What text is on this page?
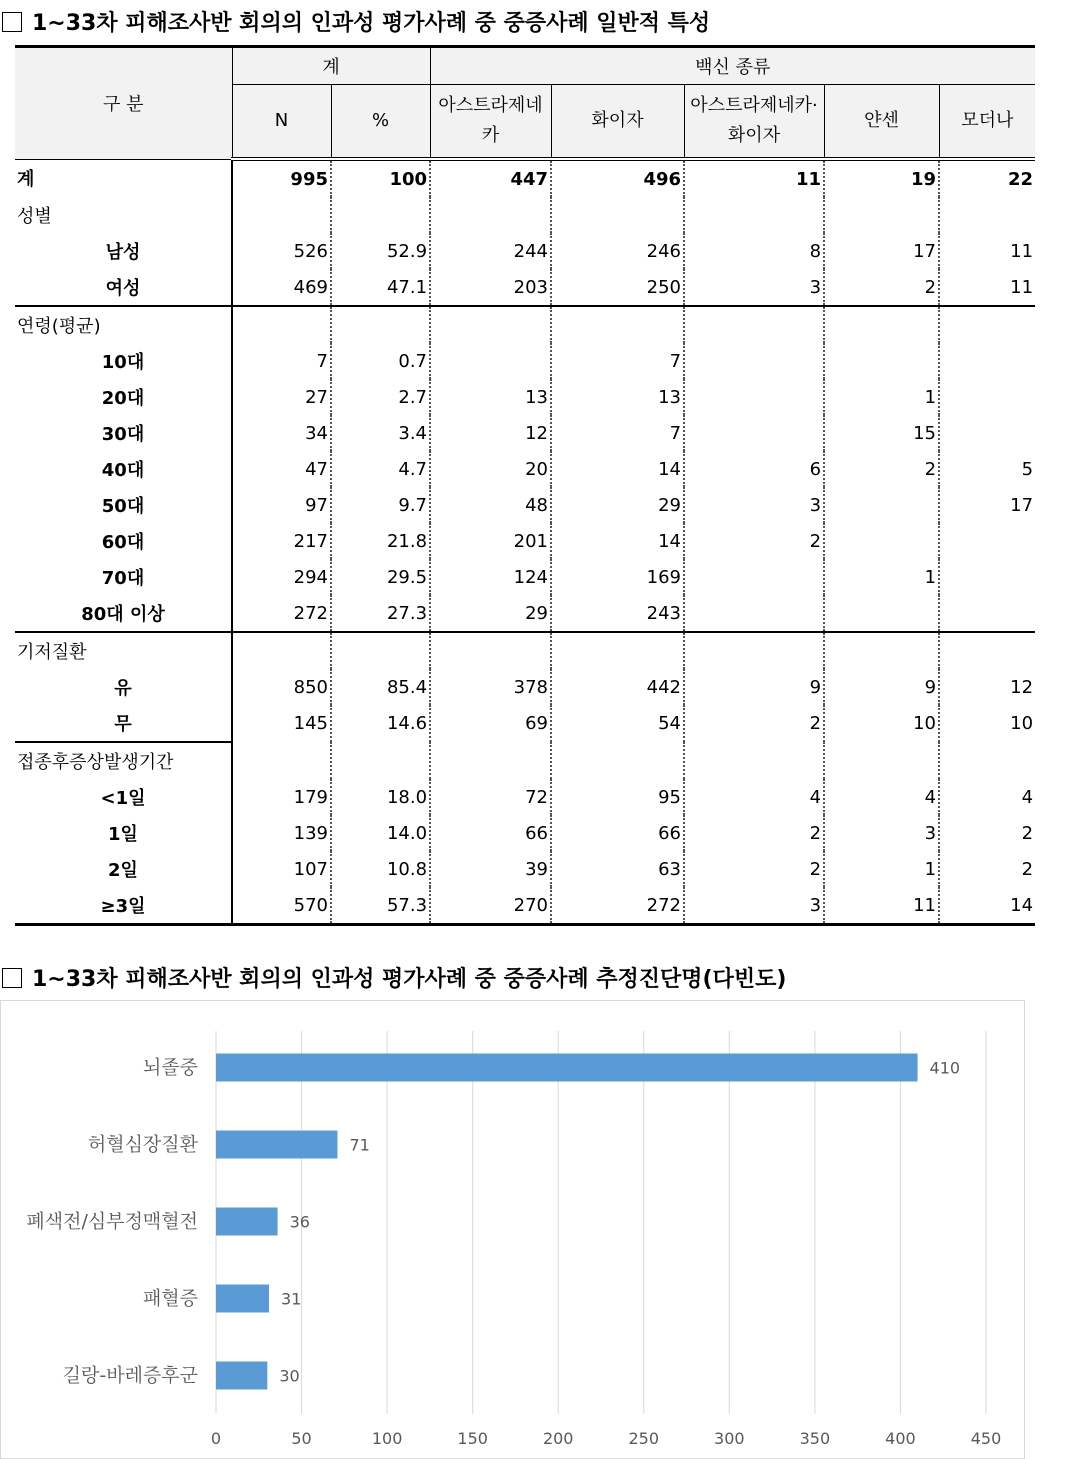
1~33차 피해조사반 회의의 인과성 평가사례 중 중증사례 일반적 특성
구 분	계		백신 종류				
	N	%	아스트라제네카	화이자	아스트라제네카·화이자	얀센	모더나
계	995	100	447	496	11	19	22
성별							
남성	526	52.9	244	246	8	17	11
여성	469	47.1	203	250	3	2	11
연령(평균)							
10대	7	0.7		7			
20대	27	2.7	13	13		1	
30대	34	3.4	12	7		15	
40대	47	4.7	20	14	6	2	5
50대	97	9.7	48	29	3		17
60대	217	21.8	201	14	2		
70대	294	29.5	124	169		1	
80대 이상	272	27.3	29	243			
기저질환							
유	850	85.4	378	442	9	9	12
무	145	14.6	69	54	2	10	10
접종후증상발생기간							
<1일	179	18.0	72	95	4	4	4
1일	139	14.0	66	66	2	3	2
2일	107	10.8	39	63	2	1	2
≥3일	570	57.3	270	272	3	11	14
1~33차 피해조사반 회의의 인과성 평가사례 중 중증사례 추정진단명(다빈도)
0	50	100	150	200	250	300	350	400	450
뇌졸중	410
허혈심장질환	71
폐색전/심부정맥혈전	36
패혈증	31
길랑-바레증후군	30
